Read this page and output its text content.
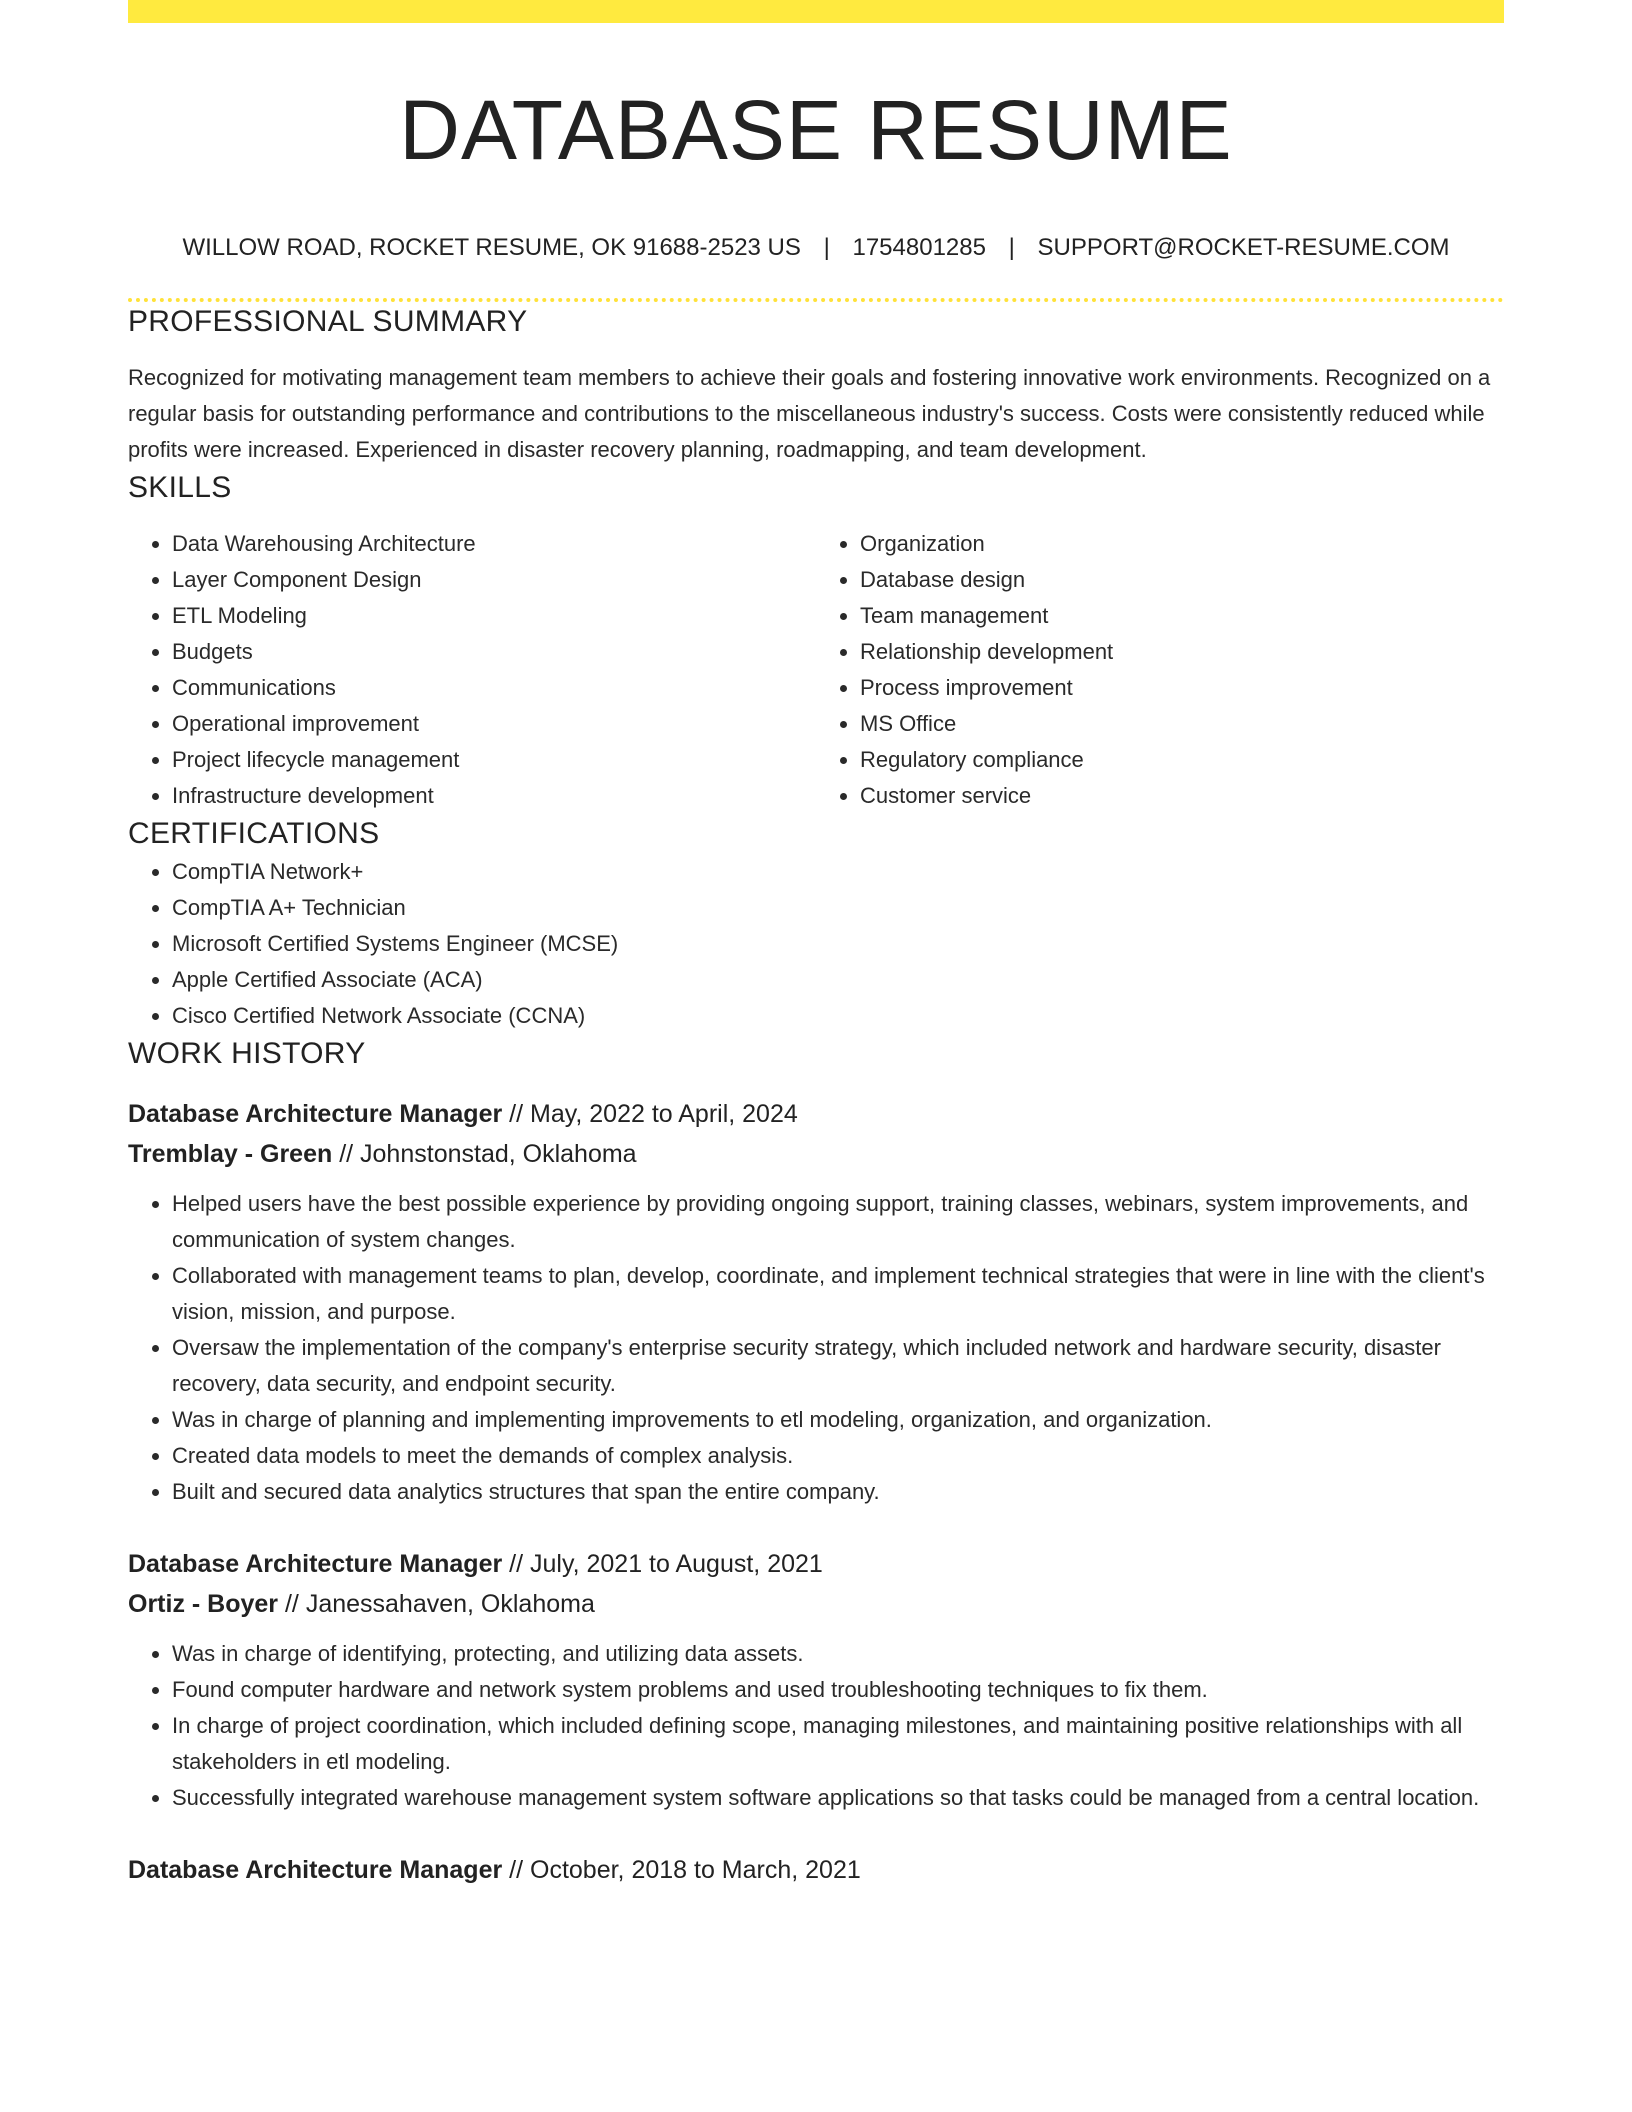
DATABASE RESUME
WILLOW ROAD, ROCKET RESUME, OK 91688-2523 US | 1754801285 | SUPPORT@ROCKET-RESUME.COM
PROFESSIONAL SUMMARY
Recognized for motivating management team members to achieve their goals and fostering innovative work environments. Recognized on a regular basis for outstanding performance and contributions to the miscellaneous industry's success. Costs were consistently reduced while profits were increased. Experienced in disaster recovery planning, roadmapping, and team development.
SKILLS
• Data Warehousing Architecture
• Layer Component Design
• ETL Modeling
• Budgets
• Communications
• Operational improvement
• Project lifecycle management
• Infrastructure development
• Organization
• Database design
• Team management
• Relationship development
• Process improvement
• MS Office
• Regulatory compliance
• Customer service
CERTIFICATIONS
• CompTIA Network+
• CompTIA A+ Technician
• Microsoft Certified Systems Engineer (MCSE)
• Apple Certified Associate (ACA)
• Cisco Certified Network Associate (CCNA)
WORK HISTORY
Database Architecture Manager // May, 2022 to April, 2024
Tremblay - Green // Johnstonstad, Oklahoma
• Helped users have the best possible experience by providing ongoing support, training classes, webinars, system improvements, and communication of system changes.
• Collaborated with management teams to plan, develop, coordinate, and implement technical strategies that were in line with the client's vision, mission, and purpose.
• Oversaw the implementation of the company's enterprise security strategy, which included network and hardware security, disaster recovery, data security, and endpoint security.
• Was in charge of planning and implementing improvements to etl modeling, organization, and organization.
• Created data models to meet the demands of complex analysis.
• Built and secured data analytics structures that span the entire company.
Database Architecture Manager // July, 2021 to August, 2021
Ortiz - Boyer // Janessahaven, Oklahoma
• Was in charge of identifying, protecting, and utilizing data assets.
• Found computer hardware and network system problems and used troubleshooting techniques to fix them.
• In charge of project coordination, which included defining scope, managing milestones, and maintaining positive relationships with all stakeholders in etl modeling.
• Successfully integrated warehouse management system software applications so that tasks could be managed from a central location.
Database Architecture Manager // October, 2018 to March, 2021
